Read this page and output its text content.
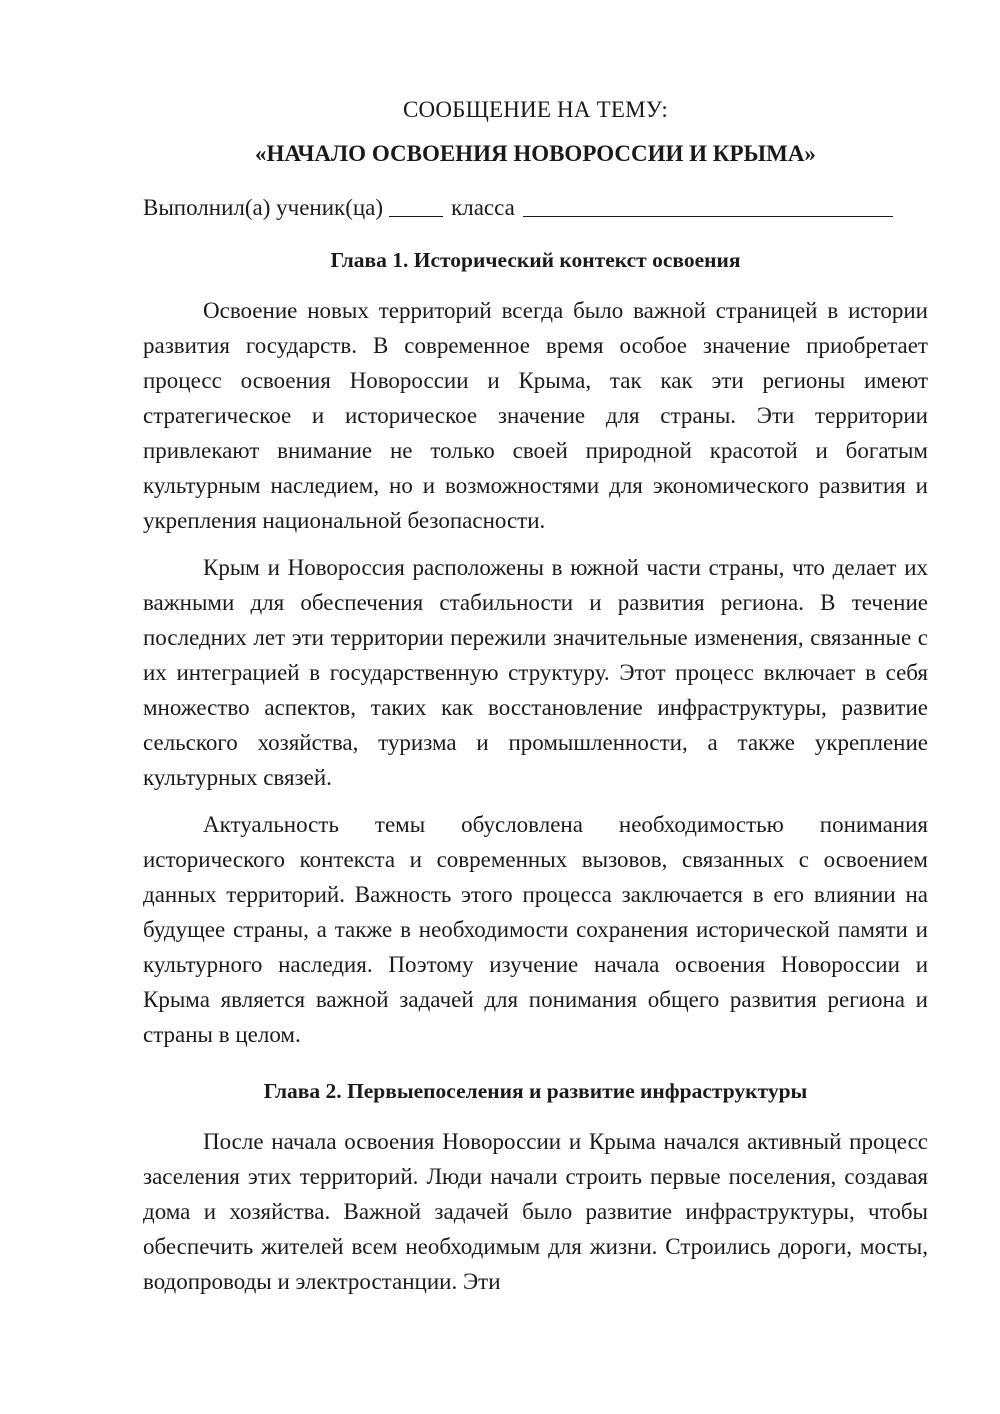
СООБЩЕНИЕ НА ТЕМУ:
«НАЧАЛО ОСВОЕНИЯ НОВОРОССИИ И КРЫМА»
Выполнил(а) ученик(ца)	класса
Глава 1. Исторический контекст освоения

Освоение новых территорий всегда было важной страницей в истории развития государств. В современное время особое значение приобретает процесс освоения Новороссии и Крыма, так как эти регионы имеют стратегическое и историческое значение для страны. Эти территории привлекают внимание не только своей природной красотой и богатым культурным наследием, но и возможностями для экономического развития и укрепления национальной безопасности.

Крым и Новороссия расположены в южной части страны, что делает их важными для обеспечения стабильности и развития региона. В течение последних лет эти территории пережили значительные изменения, связанные с их интеграцией в государственную структуру. Этот процесс включает в себя множество аспектов, таких как восстановление инфраструктуры, развитие сельского хозяйства, туризма и промышленности, а также укрепление культурных связей.

Актуальность темы обусловлена необходимостью понимания исторического контекста и современных вызовов, связанных с освоением данных территорий. Важность этого процесса заключается в его влиянии на будущее страны, а также в необходимости сохранения исторической памяти и культурного наследия. Поэтому изучение начала освоения Новороссии и Крыма является важной задачей для понимания общего развития региона и страны в целом.

Глава 2. Первыепоселения и развитие инфраструктуры

После начала освоения Новороссии и Крыма начался активный процесс заселения этих территорий. Люди начали строить первые поселения, создавая дома и хозяйства. Важной задачей было развитие инфраструктуры, чтобы обеспечить жителей всем необходимым для жизни. Строились дороги, мосты, водопроводы и электростанции. Эти
